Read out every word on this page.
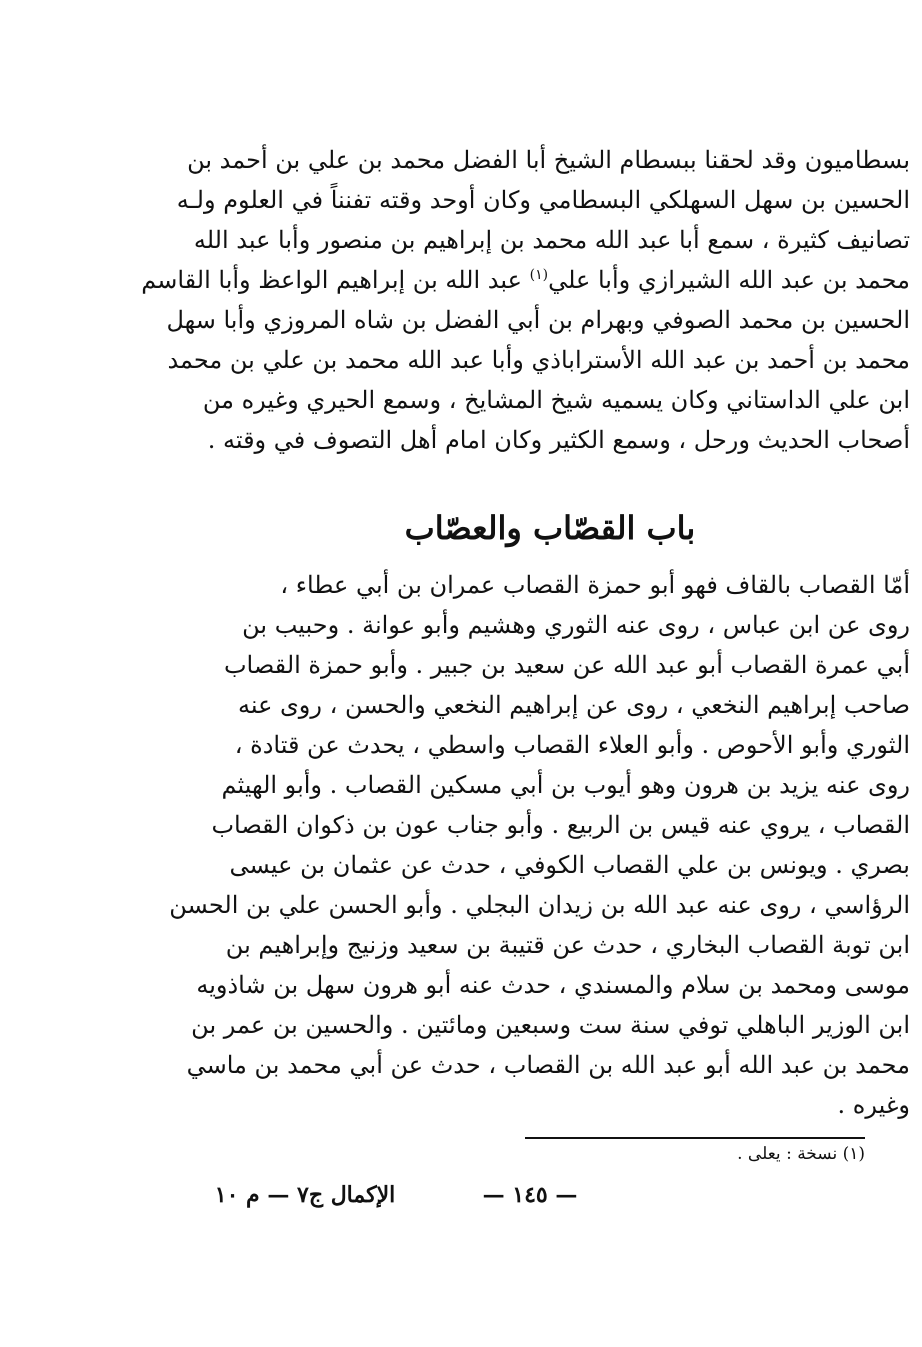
بسطاميون وقد لحقنا ببسطام الشيخ أبا الفضل محمد بن علي بن أحمد بن
الحسين بن سهل السهلكي البسطامي وكان أوحد وقته تفنناً في العلوم ولـه
تصانيف كثيرة ، سمع أبا عبد الله محمد بن إبراهيم بن منصور وأبا عبد الله
محمد بن عبد الله الشيرازي وأبا علي$^{(١)}$ عبد الله بن إبراهيم الواعظ وأبا القاسم
الحسين بن محمد الصوفي وبهرام بن أبي الفضل بن شاه المروزي وأبا سهل
محمد بن أحمد بن عبد الله الأستراباذي وأبا عبد الله محمد بن علي بن محمد
ابن علي الداستاني وكان يسميه شيخ المشايخ ، وسمع الحيري وغيره من
أصحاب الحديث ورحل ، وسمع الكثير وكان امام أهل التصوف في وقته .
باب القصّاب والعصّاب
أمّا القصاب بالقاف فهو أبو حمزة القصاب عمران بن أبي عطاء ،
روى عن ابن عباس ، روى عنه الثوري وهشيم وأبو عوانة . وحبيب بن
أبي عمرة القصاب أبو عبد الله عن سعيد بن جبير . وأبو حمزة القصاب
صاحب إبراهيم النخعي ، روى عن إبراهيم النخعي والحسن ، روى عنه
الثوري وأبو الأحوص . وأبو العلاء القصاب واسطي ، يحدث عن قتادة ،
روى عنه يزيد بن هرون وهو أيوب بن أبي مسكين القصاب . وأبو الهيثم
القصاب ، يروي عنه قيس بن الربيع . وأبو جناب عون بن ذكوان القصاب
بصري . ويونس بن علي القصاب الكوفي ، حدث عن عثمان بن عيسى
الرؤاسي ، روى عنه عبد الله بن زيدان البجلي . وأبو الحسن علي بن الحسن
ابن توبة القصاب البخاري ، حدث عن قتيبة بن سعيد وزنيج وإبراهيم بن
موسى ومحمد بن سلام والمسندي ، حدث عنه أبو هرون سهل بن شاذويه
ابن الوزير الباهلي توفي سنة ست وسبعين ومائتين . والحسين بن عمر بن
محمد بن عبد الله أبو عبد الله بن القصاب ، حدث عن أبي محمد بن ماسي
وغيره .
(١) نسخة : يعلى .
— ١٤٥ —
الإكمال ج٧ — م ١٠
